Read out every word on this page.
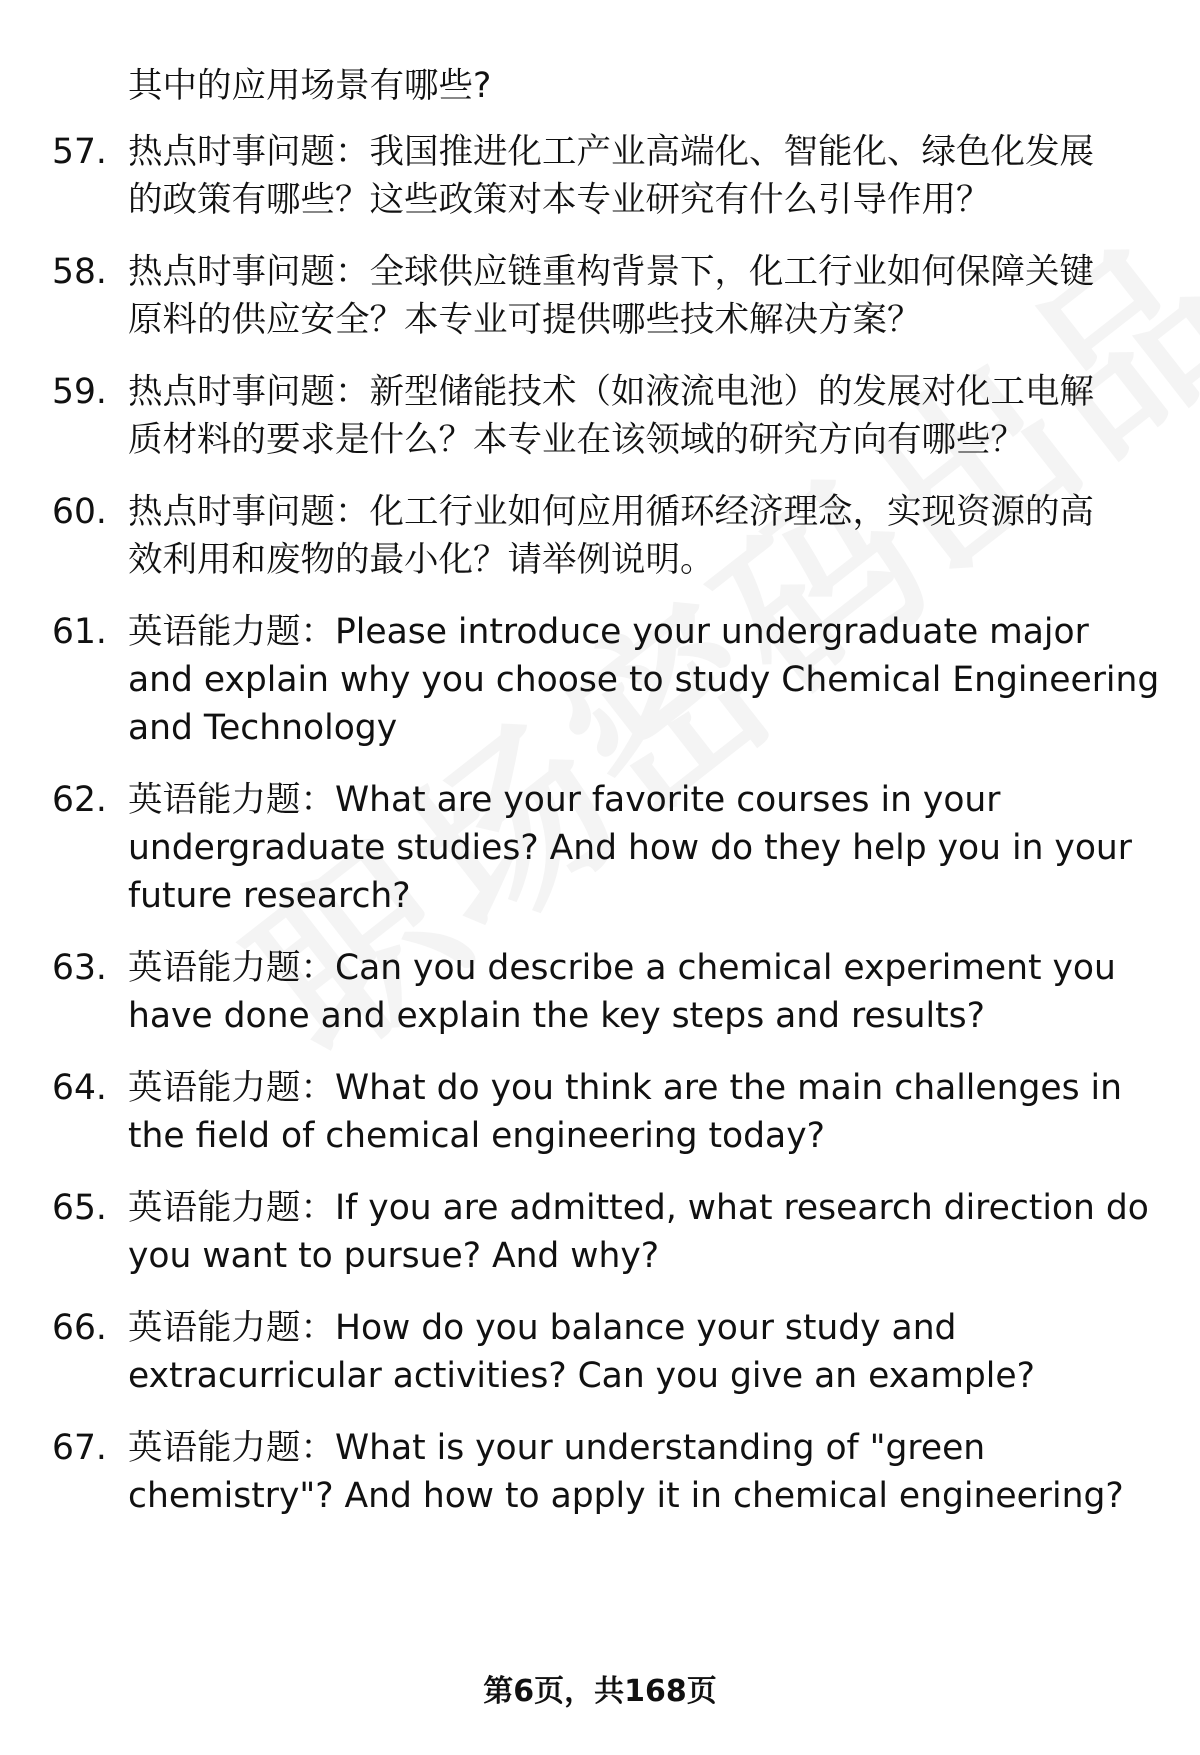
其中的应用场景有哪些?
57. 热点时事问题：我国推进化工产业高端化、智能化、绿色化发展
的政策有哪些？这些政策对本专业研究有什么引导作用？
58. 热点时事问题：全球供应链重构背景下，化工行业如何保障关键
原料的供应安全？本专业可提供哪些技术解决方案？
59. 热点时事问题：新型储能技术（如液流电池）的发展对化工电解
质材料的要求是什么？本专业在该领域的研究方向有哪些？
60. 热点时事问题：化工行业如何应用循环经济理念，实现资源的高
效利用和废物的最小化？请举例说明。
61. 英语能力题：Please introduce your undergraduate major
and explain why you choose to study Chemical Engineering
and Technology
62. 英语能力题：What are your favorite courses in your
undergraduate studies? And how do they help you in your
future research?
63. 英语能力题：Can you describe a chemical experiment you
have done and explain the key steps and results?
64. 英语能力题：What do you think are the main challenges in
the field of chemical engineering today?
65. 英语能力题：If you are admitted, what research direction do
you want to pursue? And why?
66. 英语能力题：How do you balance your study and
extracurricular activities? Can you give an example?
67. 英语能力题：What is your understanding of "green
chemistry"? And how to apply it in chemical engineering?
第6页，共168页
